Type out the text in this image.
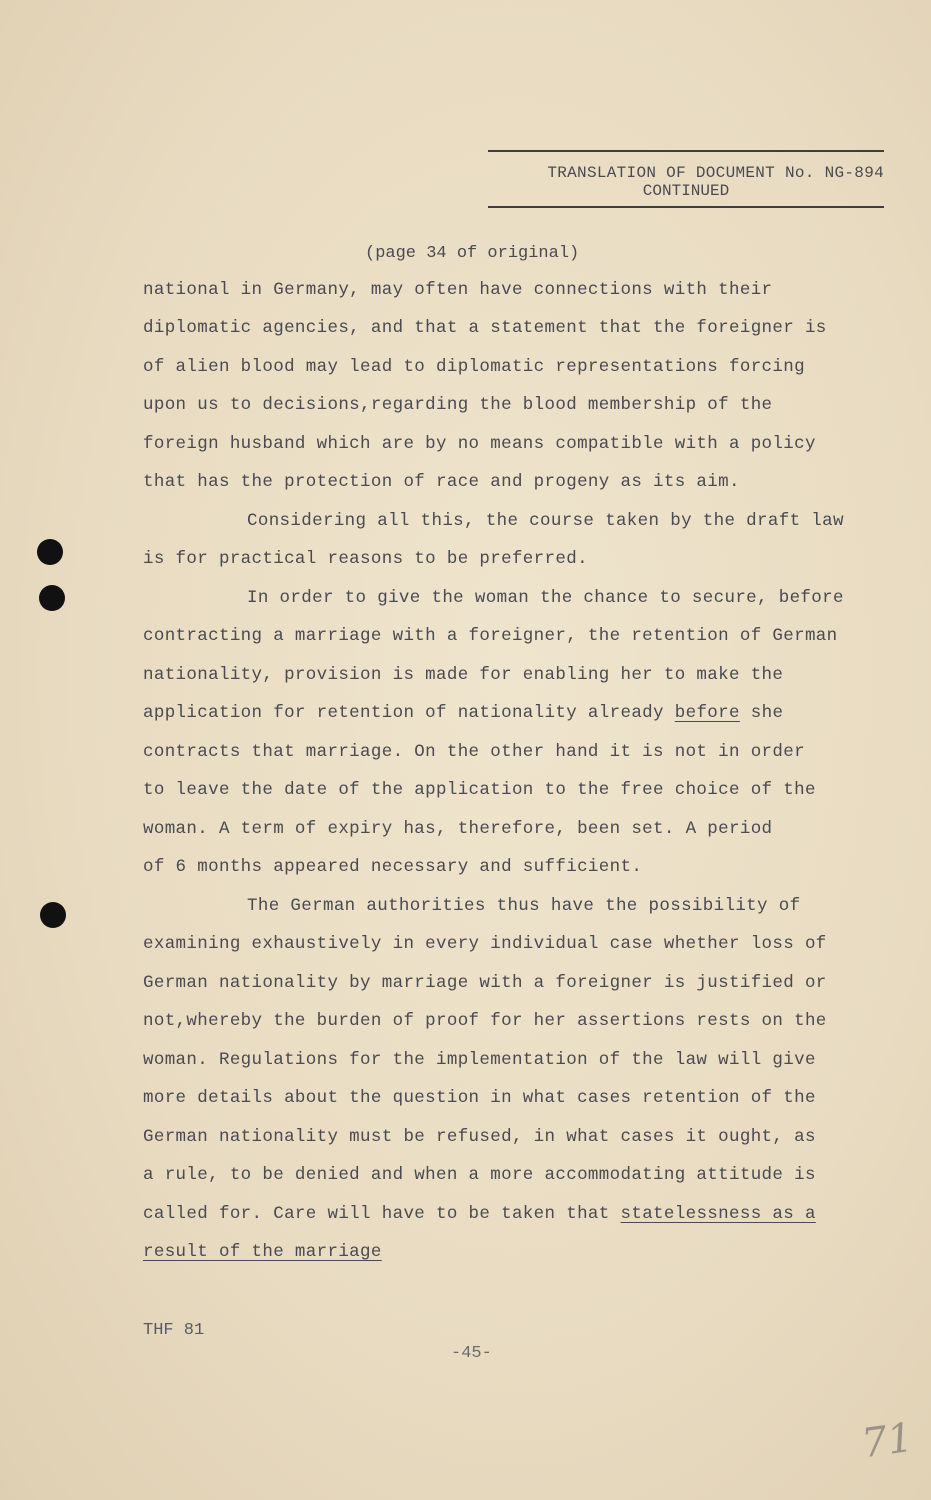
TRANSLATION OF DOCUMENT No. NG-894
CONTINUED
(page 34 of original)
national in Germany, may often have connections with their
diplomatic agencies, and that a statement that the foreigner is
of alien blood may lead to diplomatic representations forcing
upon us to decisions,regarding the blood membership of the
foreign husband which are by no means compatible with a policy
that has the protection of race and progeny as its aim.
Considering all this, the course taken by the draft law
is for practical reasons to be preferred.
In order to give the woman the chance to secure, before
contracting a marriage with a foreigner, the retention of German
nationality, provision is made for enabling her to make the
application for retention of nationality already before she
contracts that marriage. On the other hand it is not in order
to leave the date of the application to the free choice of the
woman. A term of expiry has, therefore, been set. A period
of 6 months appeared necessary and sufficient.
The German authorities thus have the possibility of
examining exhaustively in every individual case whether loss of
German nationality by marriage with a foreigner is justified or
not,whereby the burden of proof for her assertions rests on the
woman. Regulations for the implementation of the law will give
more details about the question in what cases retention of the
German nationality must be refused, in what cases it ought, as
a rule, to be denied and when a more accommodating attitude is
called for. Care will have to be taken that statelessness as a
result of the marriage
THF 81
-45-
71
